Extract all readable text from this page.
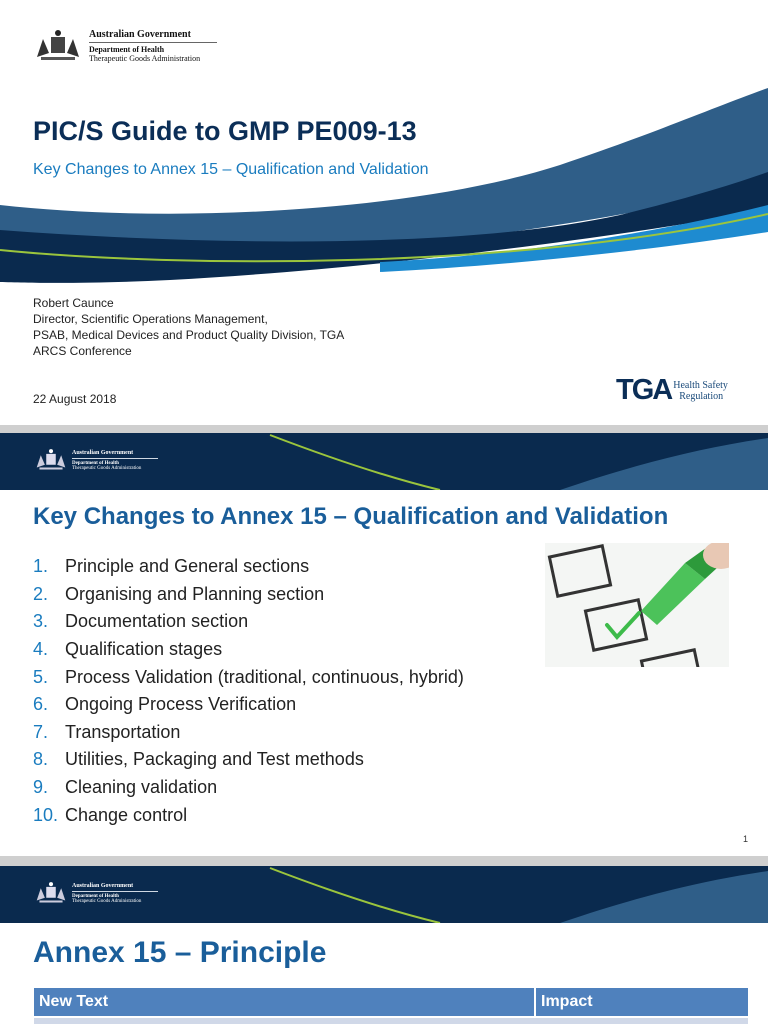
Australian Government
Department of Health
Therapeutic Goods Administration
PIC/S Guide to GMP PE009-13
Key Changes to Annex 15 – Qualification and Validation
Robert Caunce
Director, Scientific Operations Management,
PSAB, Medical Devices and Product Quality Division, TGA
ARCS Conference
22 August 2018	TGA Health Safety
Regulation
Australian Government
Department of Health
Therapeutic Goods Administration
Key Changes to Annex 15 – Qualification and Validation
1. Principle and General sections
2. Organising and Planning section
3. Documentation section
4. Qualification stages
5. Process Validation (traditional, continuous, hybrid)
6. Ongoing Process Verification
7. Transportation
8. Utilities, Packaging and Test methods
9. Cleaning validation
10. Change control
1
Australian Government
Department of Health
Therapeutic Goods Administration
Annex 15 – Principle
New Text	Impact
